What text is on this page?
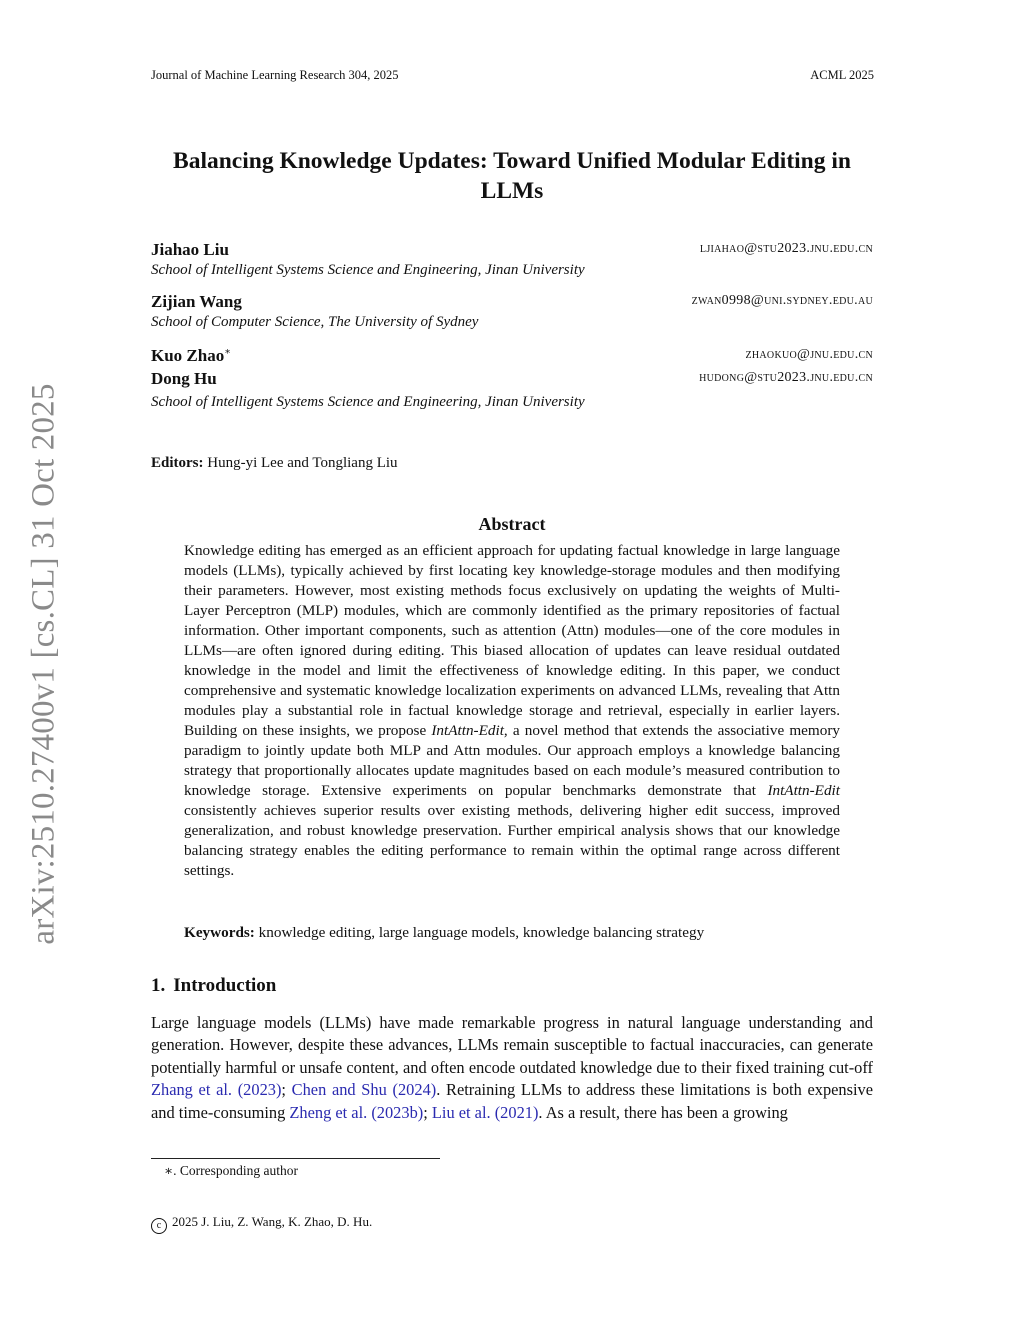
Journal of Machine Learning Research 304, 2025	ACML 2025
arXiv:2510.27400v1 [cs.CL] 31 Oct 2025
Balancing Knowledge Updates: Toward Unified Modular Editing in LLMs
Jiahao Liu	ljiahao@stu2023.jnu.edu.cn
School of Intelligent Systems Science and Engineering, Jinan University
Zijian Wang	zwan0998@uni.sydney.edu.au
School of Computer Science, The University of Sydney
Kuo Zhao∗	zhaokuo@jnu.edu.cn
Dong Hu	hudong@stu2023.jnu.edu.cn
School of Intelligent Systems Science and Engineering, Jinan University
Editors: Hung-yi Lee and Tongliang Liu
Abstract
Knowledge editing has emerged as an efficient approach for updating factual knowledge in large language models (LLMs), typically achieved by first locating key knowledge-storage modules and then modifying their parameters. However, most existing methods focus exclusively on updating the weights of Multi-Layer Perceptron (MLP) modules, which are commonly identified as the primary repositories of factual information. Other important components, such as attention (Attn) modules—one of the core modules in LLMs—are often ignored during editing. This biased allocation of updates can leave residual outdated knowledge in the model and limit the effectiveness of knowledge editing. In this paper, we conduct comprehensive and systematic knowledge localization experiments on advanced LLMs, revealing that Attn modules play a substantial role in factual knowledge storage and retrieval, especially in earlier layers. Building on these insights, we propose IntAttn-Edit, a novel method that extends the associative memory paradigm to jointly update both MLP and Attn modules. Our approach employs a knowledge balancing strategy that proportionally allocates update magnitudes based on each module’s measured contribution to knowledge storage. Extensive experiments on popular benchmarks demonstrate that IntAttn-Edit consistently achieves superior results over existing methods, delivering higher edit success, improved generalization, and robust knowledge preservation. Further empirical analysis shows that our knowledge balancing strategy enables the editing performance to remain within the optimal range across different settings.
Keywords: knowledge editing, large language models, knowledge balancing strategy
1. Introduction
Large language models (LLMs) have made remarkable progress in natural language understanding and generation. However, despite these advances, LLMs remain susceptible to factual inaccuracies, can generate potentially harmful or unsafe content, and often encode outdated knowledge due to their fixed training cut-off Zhang et al. (2023); Chen and Shu (2024). Retraining LLMs to address these limitations is both expensive and time-consuming Zheng et al. (2023b); Liu et al. (2021). As a result, there has been a growing
∗. Corresponding author
c 2025 J. Liu, Z. Wang, K. Zhao, D. Hu.
